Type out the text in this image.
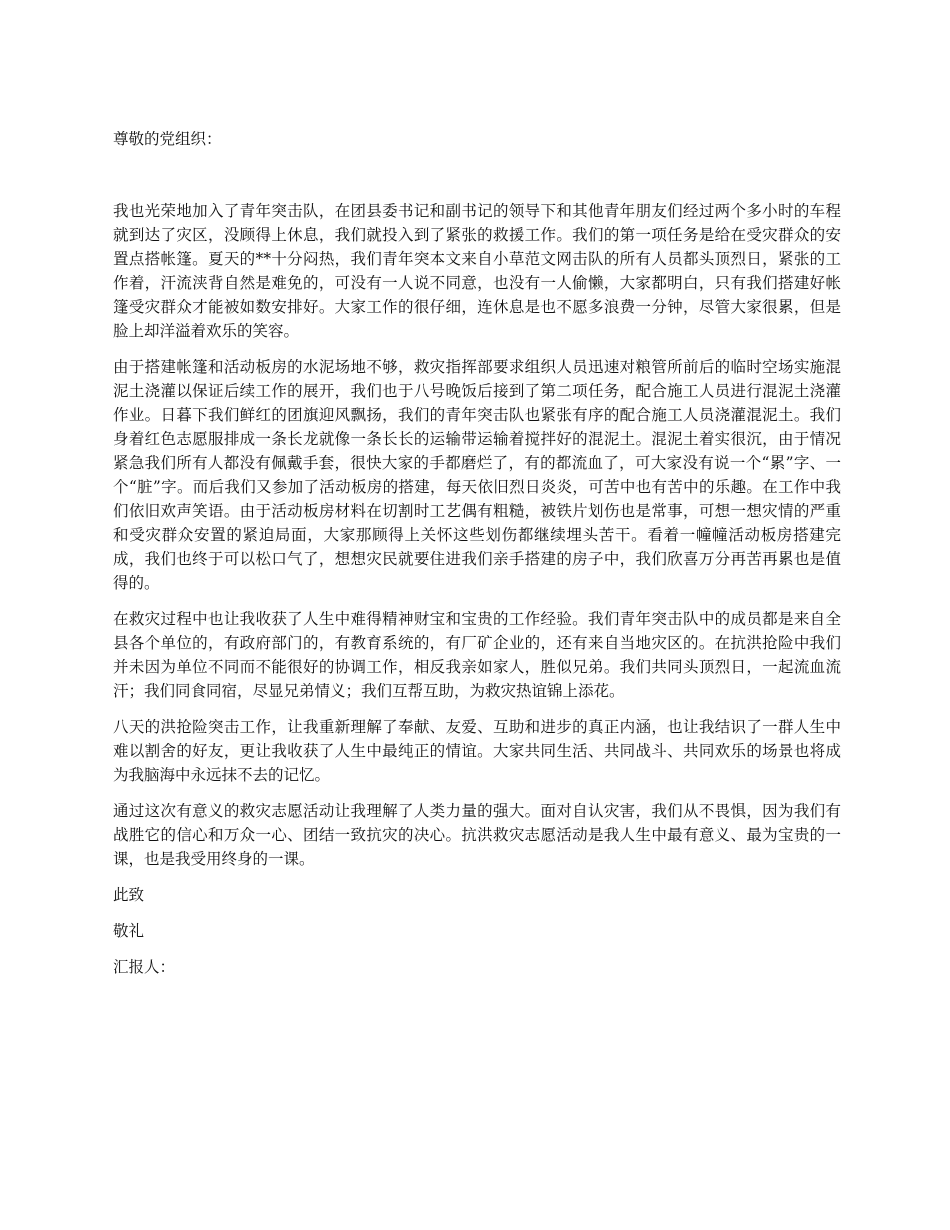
尊敬的党组织：

我也光荣地加入了青年突击队，在团县委书记和副书记的领导下和其他青年朋友们经过两个多小时的车程就到达了灾区，没顾得上休息，我们就投入到了紧张的救援工作。我们的第一项任务是给在受灾群众的安置点搭帐篷。夏天的**十分闷热，我们青年突本文来自小草范文网击队的所有人员都头顶烈日，紧张的工作着，汗流浃背自然是难免的，可没有一人说不同意，也没有一人偷懒，大家都明白，只有我们搭建好帐篷受灾群众才能被如数安排好。大家工作的很仔细，连休息是也不愿多浪费一分钟，尽管大家很累，但是脸上却洋溢着欢乐的笑容。

由于搭建帐篷和活动板房的水泥场地不够，救灾指挥部要求组织人员迅速对粮管所前后的临时空场实施混泥土浇灌以保证后续工作的展开，我们也于八号晚饭后接到了第二项任务，配合施工人员进行混泥土浇灌作业。日暮下我们鲜红的团旗迎风飘扬，我们的青年突击队也紧张有序的配合施工人员浇灌混泥土。我们身着红色志愿服排成一条长龙就像一条长长的运输带运输着搅拌好的混泥土。混泥土着实很沉，由于情况紧急我们所有人都没有佩戴手套，很快大家的手都磨烂了，有的都流血了，可大家没有说一个“累”字、一个“脏”字。而后我们又参加了活动板房的搭建，每天依旧烈日炎炎，可苦中也有苦中的乐趣。在工作中我们依旧欢声笑语。由于活动板房材料在切割时工艺偶有粗糙，被铁片划伤也是常事，可想一想灾情的严重和受灾群众安置的紧迫局面，大家那顾得上关怀这些划伤都继续埋头苦干。看着一幢幢活动板房搭建完成，我们也终于可以松口气了，想想灾民就要住进我们亲手搭建的房子中，我们欣喜万分再苦再累也是值得的。

在救灾过程中也让我收获了人生中难得精神财宝和宝贵的工作经验。我们青年突击队中的成员都是来自全县各个单位的，有政府部门的，有教育系统的，有厂矿企业的，还有来自当地灾区的。在抗洪抢险中我们并未因为单位不同而不能很好的协调工作，相反我亲如家人，胜似兄弟。我们共同头顶烈日，一起流血流汗；我们同食同宿，尽显兄弟情义；我们互帮互助，为救灾热谊锦上添花。

八天的洪抢险突击工作，让我重新理解了奉献、友爱、互助和进步的真正内涵，也让我结识了一群人生中难以割舍的好友，更让我收获了人生中最纯正的情谊。大家共同生活、共同战斗、共同欢乐的场景也将成为我脑海中永远抹不去的记忆。

通过这次有意义的救灾志愿活动让我理解了人类力量的强大。面对自认灾害，我们从不畏惧，因为我们有战胜它的信心和万众一心、团结一致抗灾的决心。抗洪救灾志愿活动是我人生中最有意义、最为宝贵的一课，也是我受用终身的一课。

此致

敬礼

汇报人：
